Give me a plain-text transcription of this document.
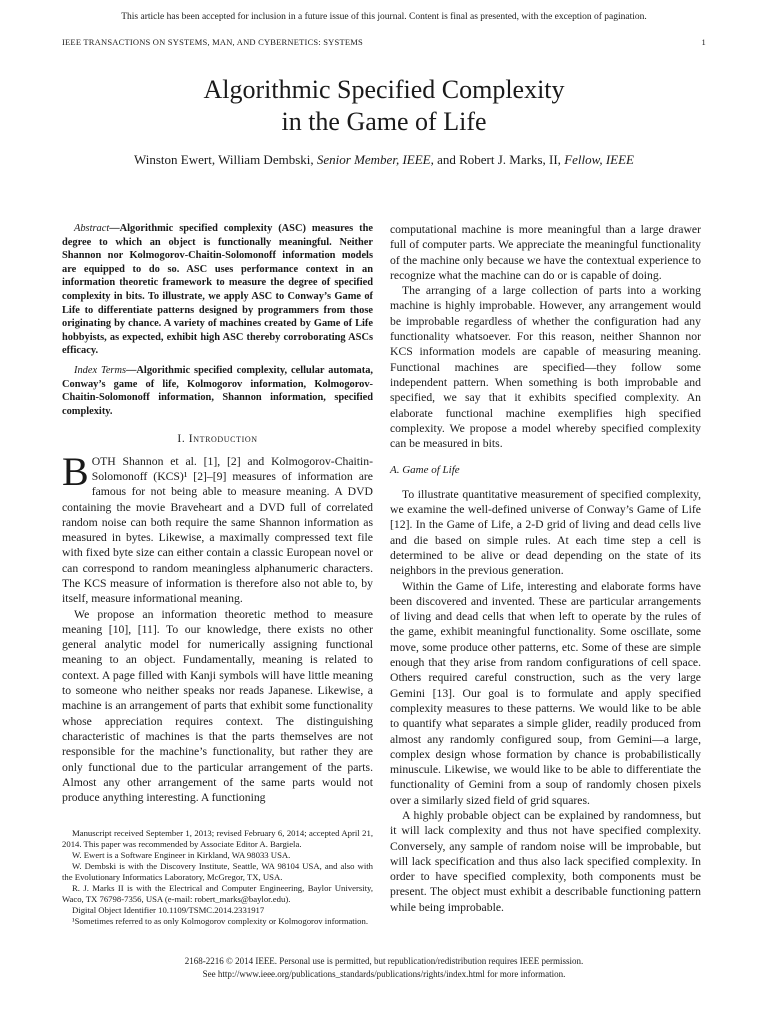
This article has been accepted for inclusion in a future issue of this journal. Content is final as presented, with the exception of pagination.
IEEE TRANSACTIONS ON SYSTEMS, MAN, AND CYBERNETICS: SYSTEMS	1
Algorithmic Specified Complexity
in the Game of Life
Winston Ewert, William Dembski, Senior Member, IEEE, and Robert J. Marks, II, Fellow, IEEE

Abstract—Algorithmic specified complexity (ASC) measures the degree to which an object is functionally meaningful. Neither Shannon nor Kolmogorov-Chaitin-Solomonoff information models are equipped to do so. ASC uses performance context in an information theoretic framework to measure the degree of specified complexity in bits. To illustrate, we apply ASC to Conway’s Game of Life to differentiate patterns designed by programmers from those originating by chance. A variety of machines created by Game of Life hobbyists, as expected, exhibit high ASC thereby corroborating ASCs efficacy.

Index Terms—Algorithmic specified complexity, cellular automata, Conway’s game of life, Kolmogorov information, Kolmogorov-Chaitin-Solomonoff information, Shannon information, specified complexity.

I. Introduction

BOTH Shannon et al. [1], [2] and Kolmogorov-Chaitin-Solomonoff (KCS)¹ [2]–[9] measures of information are famous for not being able to measure meaning. A DVD containing the movie Braveheart and a DVD full of correlated random noise can both require the same Shannon information as measured in bytes. Likewise, a maximally compressed text file with fixed byte size can either contain a classic European novel or can correspond to random meaningless alphanumeric characters. The KCS measure of information is therefore also not able to, by itself, measure informational meaning.

We propose an information theoretic method to measure meaning [10], [11]. To our knowledge, there exists no other general analytic model for numerically assigning functional meaning to an object. Fundamentally, meaning is related to context. A page filled with Kanji symbols will have little meaning to someone who neither speaks nor reads Japanese. Likewise, a machine is an arrangement of parts that exhibit some functionality whose appreciation requires context. The distinguishing characteristic of machines is that the parts themselves are not responsible for the machine’s functionality, but rather they are only functional due to the particular arrangement of the parts. Almost any other arrangement of the same parts would not produce anything interesting. A functioning

Manuscript received September 1, 2013; revised February 6, 2014; accepted April 21, 2014. This paper was recommended by Associate Editor A. Bargiela.

W. Ewert is a Software Engineer in Kirkland, WA 98033 USA.

W. Dembski is with the Discovery Institute, Seattle, WA 98104 USA, and also with the Evolutionary Informatics Laboratory, McGregor, TX, USA.

R. J. Marks II is with the Electrical and Computer Engineering, Baylor University, Waco, TX 76798-7356, USA (e-mail: robert_marks@baylor.edu).

Digital Object Identifier 10.1109/TSMC.2014.2331917

¹Sometimes referred to as only Kolmogorov complexity or Kolmogorov information.

computational machine is more meaningful than a large drawer full of computer parts. We appreciate the meaningful functionality of the machine only because we have the contextual experience to recognize what the machine can do or is capable of doing.

The arranging of a large collection of parts into a working machine is highly improbable. However, any arrangement would be improbable regardless of whether the configuration had any functionality whatsoever. For this reason, neither Shannon nor KCS information models are capable of measuring meaning. Functional machines are specified—they follow some independent pattern. When something is both improbable and specified, we say that it exhibits specified complexity. An elaborate functional machine exemplifies high specified complexity. We propose a model whereby specified complexity can be measured in bits.

A. Game of Life

To illustrate quantitative measurement of specified complexity, we examine the well-defined universe of Conway’s Game of Life [12]. In the Game of Life, a 2-D grid of living and dead cells live and die based on simple rules. At each time step a cell is determined to be alive or dead depending on the state of its neighbors in the previous generation.

Within the Game of Life, interesting and elaborate forms have been discovered and invented. These are particular arrangements of living and dead cells that when left to operate by the rules of the game, exhibit meaningful functionality. Some oscillate, some move, some produce other patterns, etc. Some of these are simple enough that they arise from random configurations of cell space. Others required careful construction, such as the very large Gemini [13]. Our goal is to formulate and apply specified complexity measures to these patterns. We would like to be able to quantify what separates a simple glider, readily produced from almost any randomly configured soup, from Gemini—a large, complex design whose formation by chance is probabilistically minuscule. Likewise, we would like to be able to differentiate the functionality of Gemini from a soup of randomly chosen pixels over a similarly sized field of grid squares.

A highly probable object can be explained by randomness, but it will lack complexity and thus not have specified complexity. Conversely, any sample of random noise will be improbable, but will lack specification and thus also lack specified complexity. In order to have specified complexity, both components must be present. The object must exhibit a describable functioning pattern while being improbable.

2168-2216 © 2014 IEEE. Personal use is permitted, but republication/redistribution requires IEEE permission.
See http://www.ieee.org/publications_standards/publications/rights/index.html for more information.
